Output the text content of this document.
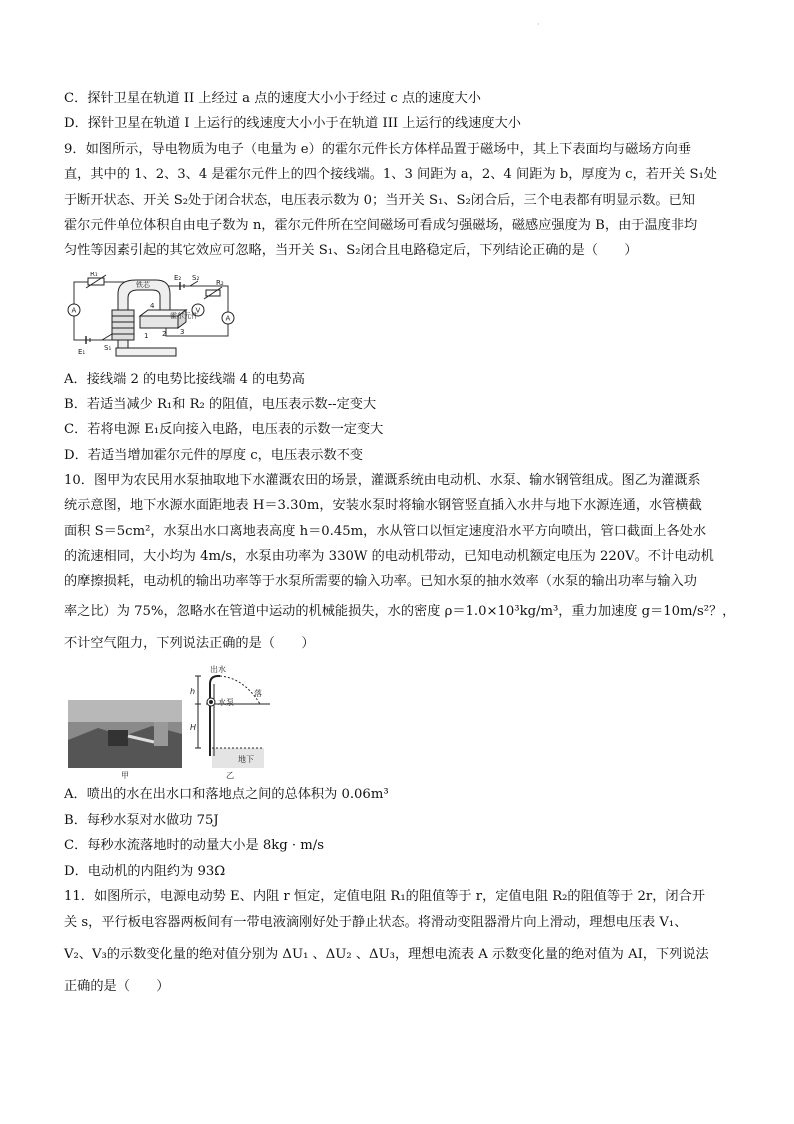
·
C．探针卫星在轨道 II 上经过 a 点的速度大小小于经过 c 点的速度大小
D．探针卫星在轨道 I 上运行的线速度大小小于在轨道 III 上运行的线速度大小
9．如图所示，导电物质为电子（电量为 e）的霍尔元件长方体样品置于磁场中，其上下表面均与磁场方向垂
直，其中的 1、2、3、4 是霍尔元件上的四个接线端。1、3 间距为 a，2、4 间距为 b，厚度为 c，若开关 S₁处
于断开状态、开关 S₂处于闭合状态，电压表示数为 0；当开关 S₁、S₂闭合后，三个电表都有明显示数。已知
霍尔元件单位体积自由电子数为 n，霍尔元件所在空间磁场可看成匀强磁场，磁感应强度为 B，由于温度非均
匀性等因素引起的其它效应可忽略，当开关 S₁、S₂闭合且电路稳定后，下列结论正确的是（　　）
铁芯
霍尔元件
R₁
R₂
E₁
E₂
S₁
S₂
A
A
V
1
4
3
2
A．接线端 2 的电势比接线端 4 的电势高
B．若适当减少 R₁和 R₂ 的阻值，电压表示数--定变大
C．若将电源 E₁反向接入电路，电压表的示数一定变大
D．若适当增加霍尔元件的厚度 c，电压表示数不变
10．图甲为农民用水泵抽取地下水灌溉农田的场景，灌溉系统由电动机、水泵、输水钢管组成。图乙为灌溉系
统示意图，地下水源水面距地表 H＝3.30m，安装水泵时将输水钢管竖直插入水井与地下水源连通，水管横截
面积 S＝5cm²，水泵出水口离地表高度 h＝0.45m，水从管口以恒定速度沿水平方向喷出，管口截面上各处水
的流速相同，大小均为 4m/s，水泵由功率为 330W 的电动机带动，已知电动机额定电压为 220V。不计电动机
的摩擦损耗，电动机的输出功率等于水泵所需要的输入功率。已知水泵的抽水效率（水泵的输出功率与输入功
率之比）为 75%，忽略水在管道中运动的机械能损失，水的密度 ρ＝1.0×10³kg/m³，重力加速度 g＝10m/s²？，
不计空气阻力，下列说法正确的是（　　）
甲
出水
水泵
落
h
H
地下
乙
A．喷出的水在出水口和落地点之间的总体积为 0.06m³
B．每秒水泵对水做功 75J
C．每秒水流落地时的动量大小是 8kg · m/s
D．电动机的内阻约为 93Ω
11．如图所示，电源电动势 E、内阻 r 恒定，定值电阻 R₁的阻值等于 r，定值电阻 R₂的阻值等于 2r，闭合开
关 s，平行板电容器两板间有一带电液滴刚好处于静止状态。将滑动变阻器滑片向上滑动，理想电压表 V₁、
V₂、V₃的示数变化量的绝对值分别为 ΔU₁ 、ΔU₂ 、ΔU₃，理想电流表 A 示数变化量的绝对值为 AI，下列说法
正确的是（　　）
